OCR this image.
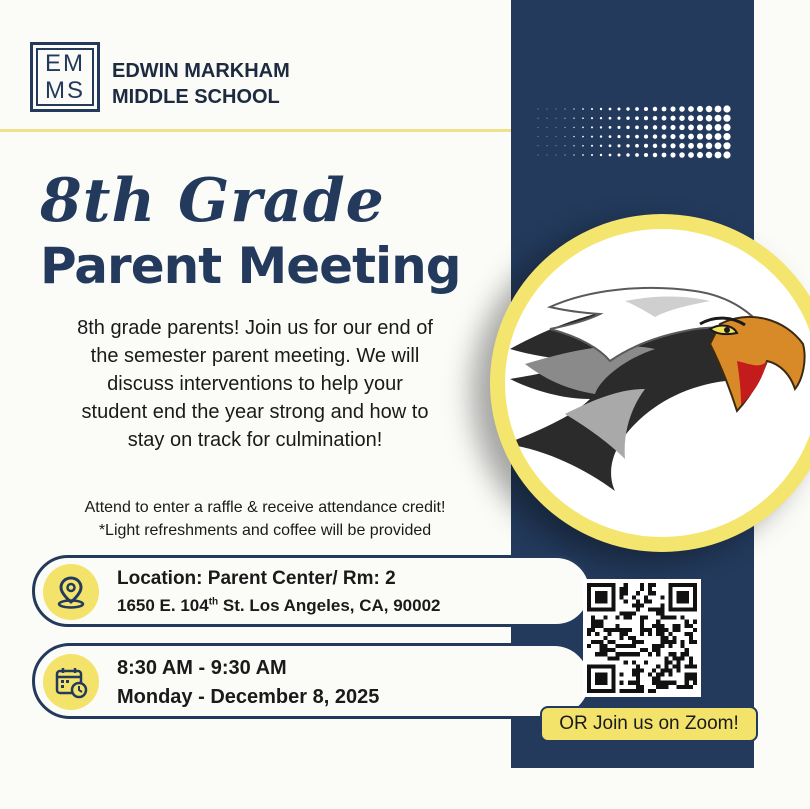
EM
MS
EDWIN MARKHAM
MIDDLE SCHOOL
8th Grade
Parent Meeting
8th grade parents! Join us for our end of
the semester parent meeting. We will
discuss interventions to help your
student end the year strong and how to
stay on track for culmination!
Attend to enter a raffle & receive attendance credit!
*Light refreshments and coffee will be provided
Location: Parent Center/ Rm: 2
1650 E. 104th St. Los Angeles, CA, 90002
8:30 AM - 9:30 AM
Monday - December 8, 2025
OR Join us on Zoom!
